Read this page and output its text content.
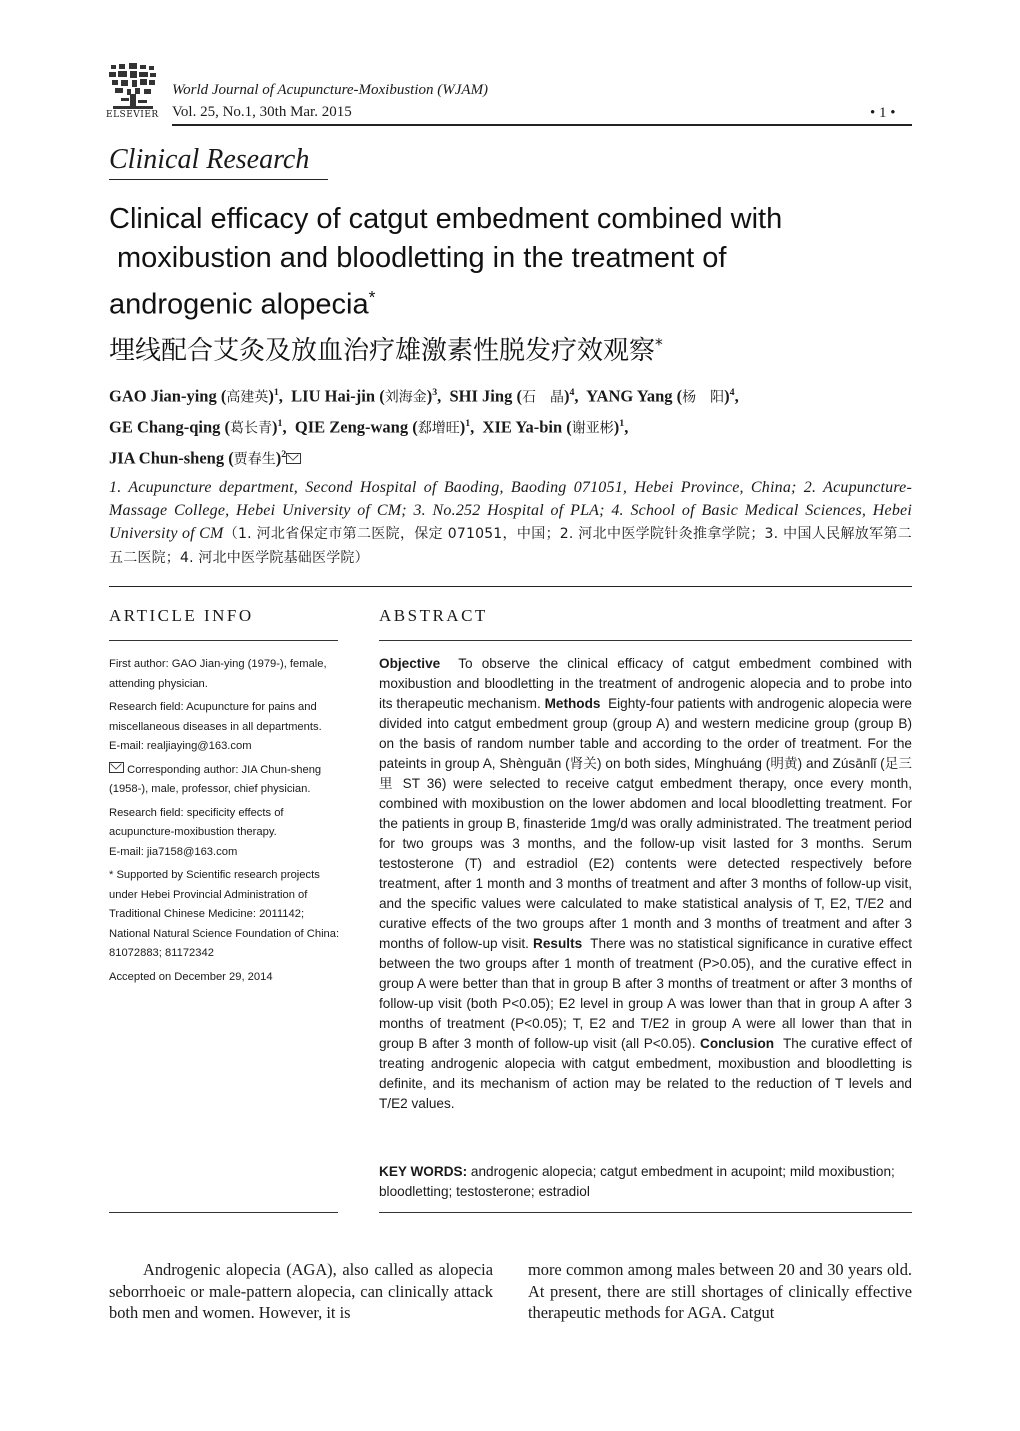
ELSEVIER
World Journal of Acupuncture-Moxibustion (WJAM)
Vol. 25, No.1, 30th Mar. 2015	• 1 •
Clinical Research
Clinical efficacy of catgut embedment combined with
moxibustion and bloodletting in the treatment of
androgenic alopecia*
埋线配合艾灸及放血治疗雄激素性脱发疗效观察*
GAO Jian-ying (高建英)$^1$,  LIU Hai-jin (刘海金)$^3$,  SHI Jing (石　晶)$^4$,  YANG Yang (杨　阳)$^4$,
GE Chang-qing (葛长青)$^1$,  QIE Zeng-wang (郄增旺)$^1$,  XIE Ya-bin (谢亚彬)$^1$,
JIA Chun-sheng (贾春生)$^2$
1. Acupuncture department, Second Hospital of Baoding, Baoding 071051, Hebei Province, China; 2. Acupuncture-Massage College, Hebei University of CM; 3. No.252 Hospital of PLA; 4. School of Basic Medical Sciences, Hebei University of CM（1. 河北省保定市第二医院，保定 071051，中国；2. 河北中医学院针灸推拿学院；3. 中国人民解放军第二五二医院；4. 河北中医学院基础医学院）
ARTICLE INFO

First author: GAO Jian-ying (1979-), female, attending physician.

Research field: Acupuncture for pains and miscellaneous diseases in all departments.

E-mail: realjiaying@163.com

Corresponding author: JIA Chun-sheng (1958-), male, professor, chief physician.

Research field: specificity effects of acupuncture-moxibustion therapy.

E-mail: jia7158@163.com

* Supported by Scientific research projects under Hebei Provincial Administration of Traditional Chinese Medicine: 2011142; National Natural Science Foundation of China: 81072883; 81172342

Accepted on December 29, 2014

ABSTRACT
Objective To observe the clinical efficacy of catgut embedment combined with moxibustion and bloodletting in the treatment of androgenic alopecia and to probe into its therapeutic mechanism. Methods Eighty-four patients with androgenic alopecia were divided into catgut embedment group (group A) and western medicine group (group B) on the basis of random number table and according to the order of treatment. For the pateints in group A, Shènguān (肾关) on both sides, Mínghuáng (明黄) and Zúsānlǐ (足三里 ST 36) were selected to receive catgut embedment therapy, once every month, combined with moxibustion on the lower abdomen and local bloodletting treatment. For the patients in group B, finasteride 1mg/d was orally administrated. The treatment period for two groups was 3 months, and the follow-up visit lasted for 3 months. Serum testosterone (T) and estradiol (E2) contents were detected respectively before treatment, after 1 month and 3 months of treatment and after 3 months of follow-up visit, and the specific values were calculated to make statistical analysis of T, E2, T/E2 and curative effects of the two groups after 1 month and 3 months of treatment and after 3 months of follow-up visit. Results There was no statistical significance in curative effect between the two groups after 1 month of treatment (P>0.05), and the curative effect in group A were better than that in group B after 3 months of treatment or after 3 months of follow-up visit (both P<0.05); E2 level in group A was lower than that in group A after 3 months of treatment (P<0.05); T, E2 and T/E2 in group A were all lower than that in group B after 3 month of follow-up visit (all P<0.05). Conclusion The curative effect of treating androgenic alopecia with catgut embedment, moxibustion and bloodletting is definite, and its mechanism of action may be related to the reduction of T levels and T/E2 values.
KEY WORDS: androgenic alopecia; catgut embedment in acupoint; mild moxibustion; bloodletting; testosterone; estradiol
Androgenic alopecia (AGA), also called as alopecia seborrhoeic or male-pattern alopecia, can clinically attack both men and women. However, it is
more common among males between 20 and 30 years old. At present, there are still shortages of clinically effective therapeutic methods for AGA. Catgut
